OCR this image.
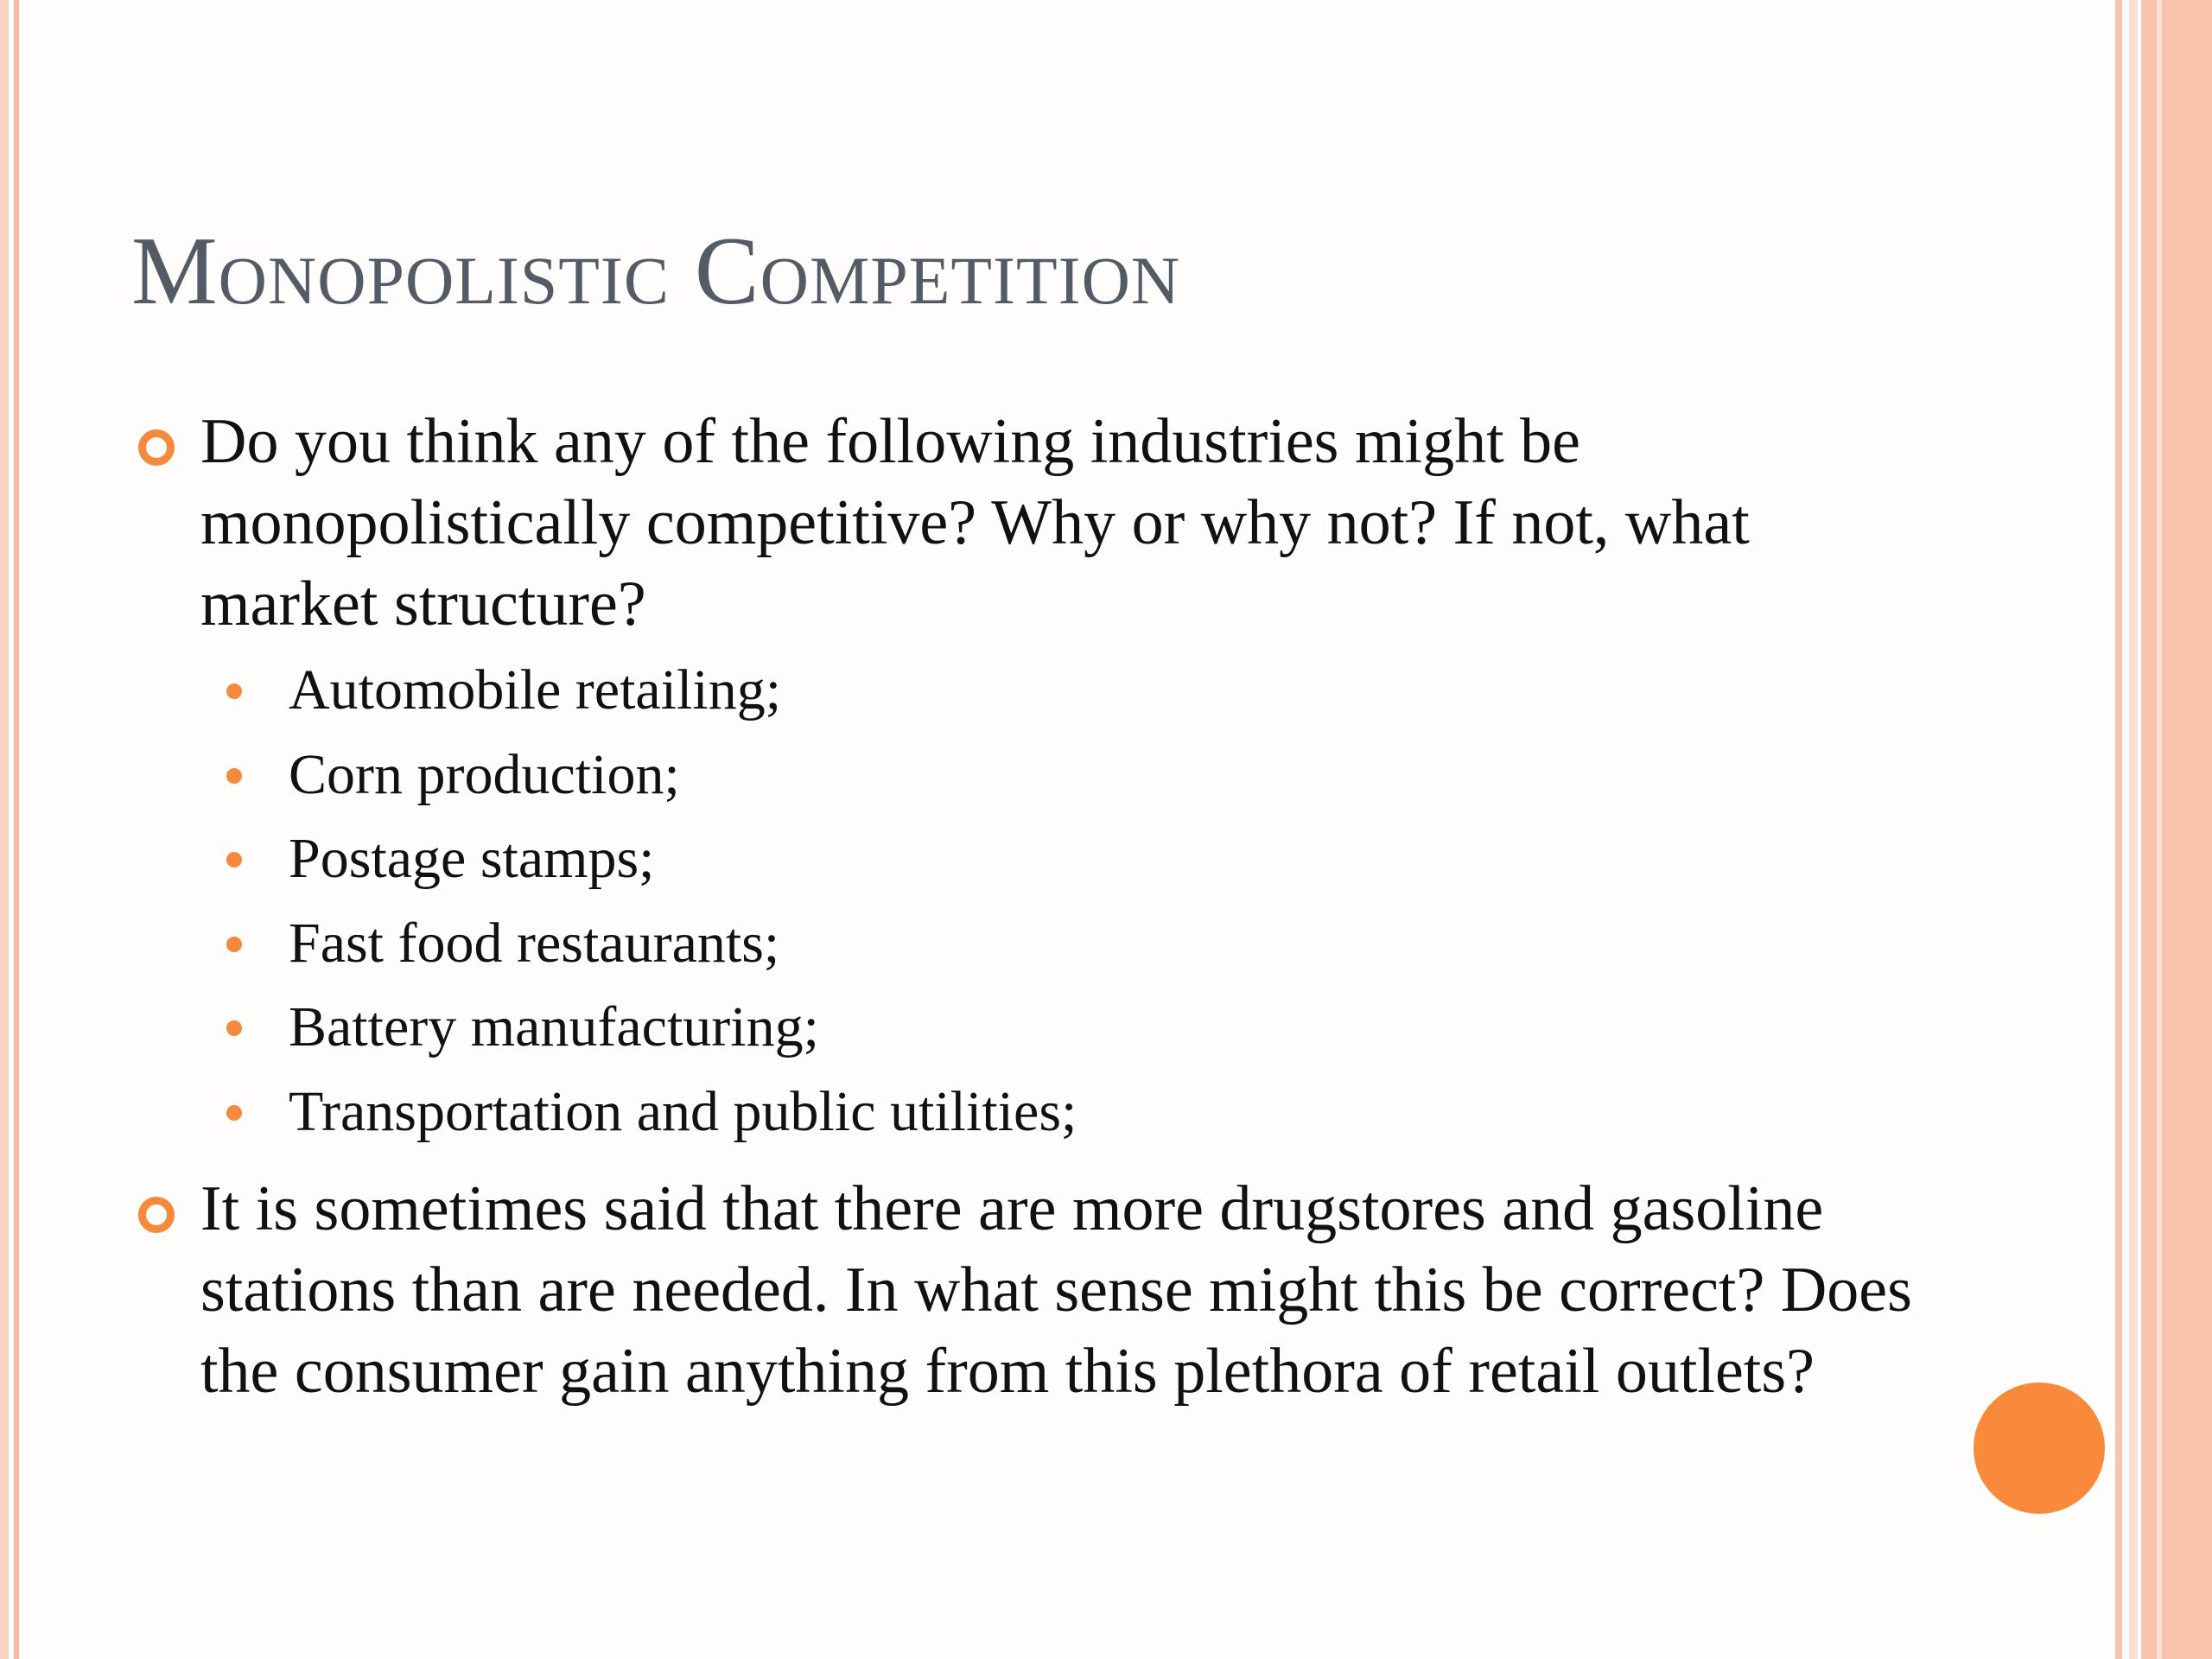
Monopolistic Competition

Do you think any of the following industries might be monopolistically competitive? Why or why not? If not, what market structure?

Automobile retailing;
Corn production;
Postage stamps;
Fast food restaurants;
Battery manufacturing;
Transportation and public utilities;

It is sometimes said that there are more drugstores and gasoline stations than are needed. In what sense might this be correct? Does the consumer gain anything from this plethora of retail outlets?
